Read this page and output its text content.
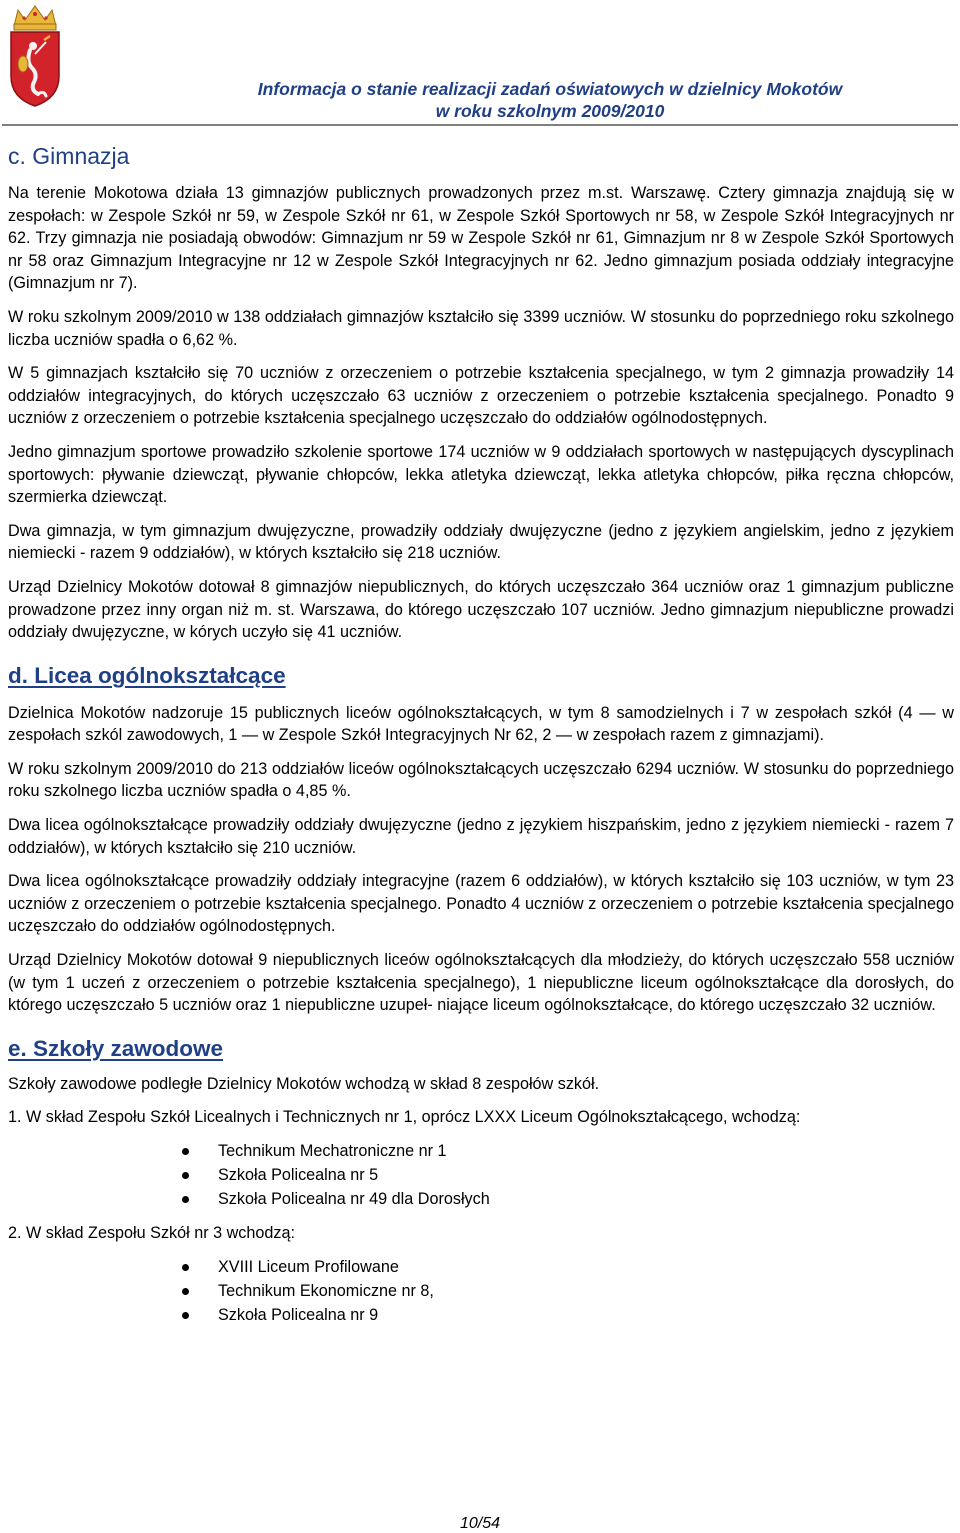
Informacja o stanie realizacji zadań oświatowych w dzielnicy Mokotów
w roku szkolnym 2009/2010
c. Gimnazja

Na terenie Mokotowa działa 13 gimnazjów publicznych prowadzonych przez m.st. Warszawę. Cztery gimnazja znajdują się w zespołach: w Zespole Szkół nr 59, w Zespole Szkół nr 61, w Zespole Szkół Sportowych nr 58, w Zespole Szkół Integracyjnych nr 62. Trzy gimnazja nie posiadają obwodów: Gimnazjum nr 59 w Zespole Szkół nr 61, Gimnazjum nr 8 w Zespole Szkół Sportowych nr 58 oraz Gimnazjum Integracyjne nr 12 w Zespole Szkół Integracyjnych nr 62. Jedno gimnazjum posiada oddziały integracyjne (Gimnazjum nr 7).

W roku szkolnym 2009/2010 w 138 oddziałach gimnazjów kształciło się 3399 uczniów. W stosunku do poprzedniego roku szkolnego liczba uczniów spadła o 6,62 %.

W 5 gimnazjach kształciło się 70 uczniów z orzeczeniem o potrzebie kształcenia specjalnego, w tym 2 gimnazja prowadziły 14 oddziałów integracyjnych, do których uczęszczało 63 uczniów z orzeczeniem o potrzebie kształcenia specjalnego. Ponadto 9 uczniów z orzeczeniem o potrzebie kształcenia specjalnego uczęszczało do oddziałów ogólnodostępnych.

Jedno gimnazjum sportowe prowadziło szkolenie sportowe 174 uczniów w 9 oddziałach sportowych w następujących dyscyplinach sportowych: pływanie dziewcząt, pływanie chłopców, lekka atletyka dziewcząt, lekka atletyka chłopców, piłka ręczna chłopców, szermierka dziewcząt.

Dwa gimnazja, w tym gimnazjum dwujęzyczne, prowadziły oddziały dwujęzyczne (jedno z językiem angielskim, jedno z językiem niemiecki - razem 9 oddziałów), w których kształciło się 218 uczniów.

Urząd Dzielnicy Mokotów dotował 8 gimnazjów niepublicznych, do których uczęszczało 364 uczniów oraz 1 gimnazjum publiczne prowadzone przez inny organ niż m. st. Warszawa, do którego uczęszczało 107 uczniów. Jedno gimnazjum niepubliczne prowadzi oddziały dwujęzyczne, w kórych uczyło się 41 uczniów.

d. Licea ogólnokształcące

Dzielnica Mokotów nadzoruje 15 publicznych liceów ogólnokształcących, w tym 8 samodzielnych i 7 w zespołach szkół (4 — w zespołach szkól zawodowych, 1 — w Zespole Szkół Integracyjnych Nr 62, 2 — w zespołach razem z gimnazjami).

W roku szkolnym 2009/2010 do 213 oddziałów liceów ogólnokształcących uczęszczało 6294 uczniów. W stosunku do poprzedniego roku szkolnego liczba uczniów spadła o 4,85 %.

Dwa licea ogólnokształcące prowadziły oddziały dwujęzyczne (jedno z językiem hiszpańskim, jedno z językiem niemiecki - razem 7 oddziałów), w których kształciło się 210 uczniów.

Dwa licea ogólnokształcące prowadziły oddziały integracyjne (razem 6 oddziałów), w których kształciło się 103 uczniów, w tym 23 uczniów z orzeczeniem o potrzebie kształcenia specjalnego. Ponadto 4 uczniów z orzeczeniem o potrzebie kształcenia specjalnego uczęszczało do oddziałów ogólnodostępnych.

Urząd Dzielnicy Mokotów dotował 9 niepublicznych liceów ogólnokształcących dla młodzieży, do których uczęszczało 558 uczniów (w tym 1 uczeń z orzeczeniem o potrzebie kształcenia specjalnego), 1 niepubliczne liceum ogólnokształcące dla dorosłych, do którego uczęszczało 5 uczniów oraz 1 niepubliczne uzupeł- niające liceum ogólnokształcące, do którego uczęszczało 32 uczniów.

e. Szkoły zawodowe

Szkoły zawodowe podległe Dzielnicy Mokotów wchodzą w skład 8 zespołów szkół.

1. W skład Zespołu Szkół Licealnych i Technicznych nr 1, oprócz LXXX Liceum Ogólnokształcącego, wchodzą:

Technikum Mechatroniczne nr 1
Szkoła Policealna nr 5
Szkoła Policealna nr 49 dla Dorosłych

2. W skład Zespołu Szkół nr 3 wchodzą:

XVIII Liceum Profilowane
Technikum Ekonomiczne nr 8,
Szkoła Policealna nr 9
10/54
